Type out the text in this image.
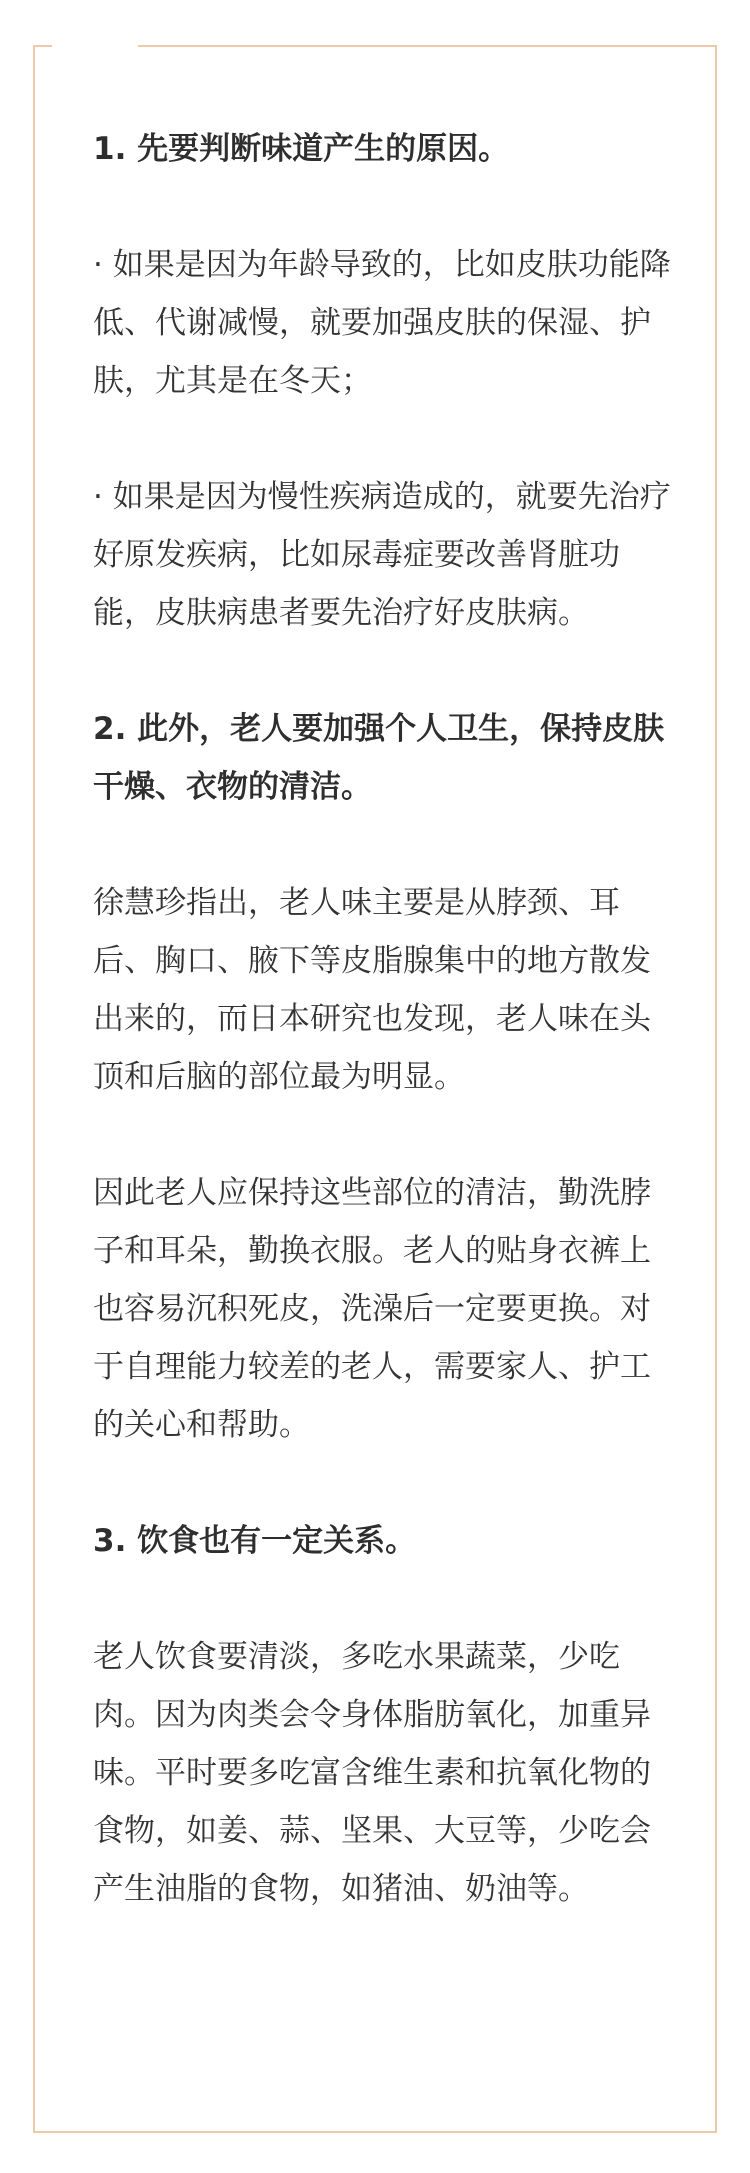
1. 先要判断味道产生的原因。

· 如果是因为年龄导致的，比如皮肤功能降低、代谢减慢，就要加强皮肤的保湿、护肤，尤其是在冬天；

· 如果是因为慢性疾病造成的，就要先治疗好原发疾病，比如尿毒症要改善肾脏功能，皮肤病患者要先治疗好皮肤病。

2. 此外，老人要加强个人卫生，保持皮肤干燥、衣物的清洁。

徐慧珍指出，老人味主要是从脖颈、耳后、胸口、腋下等皮脂腺集中的地方散发出来的，而日本研究也发现，老人味在头顶和后脑的部位最为明显。

因此老人应保持这些部位的清洁，勤洗脖子和耳朵，勤换衣服。老人的贴身衣裤上也容易沉积死皮，洗澡后一定要更换。对于自理能力较差的老人，需要家人、护工的关心和帮助。

3. 饮食也有一定关系。

老人饮食要清淡，多吃水果蔬菜，少吃肉。因为肉类会令身体脂肪氧化，加重异味。平时要多吃富含维生素和抗氧化物的食物，如姜、蒜、坚果、大豆等，少吃会产生油脂的食物，如猪油、奶油等。
